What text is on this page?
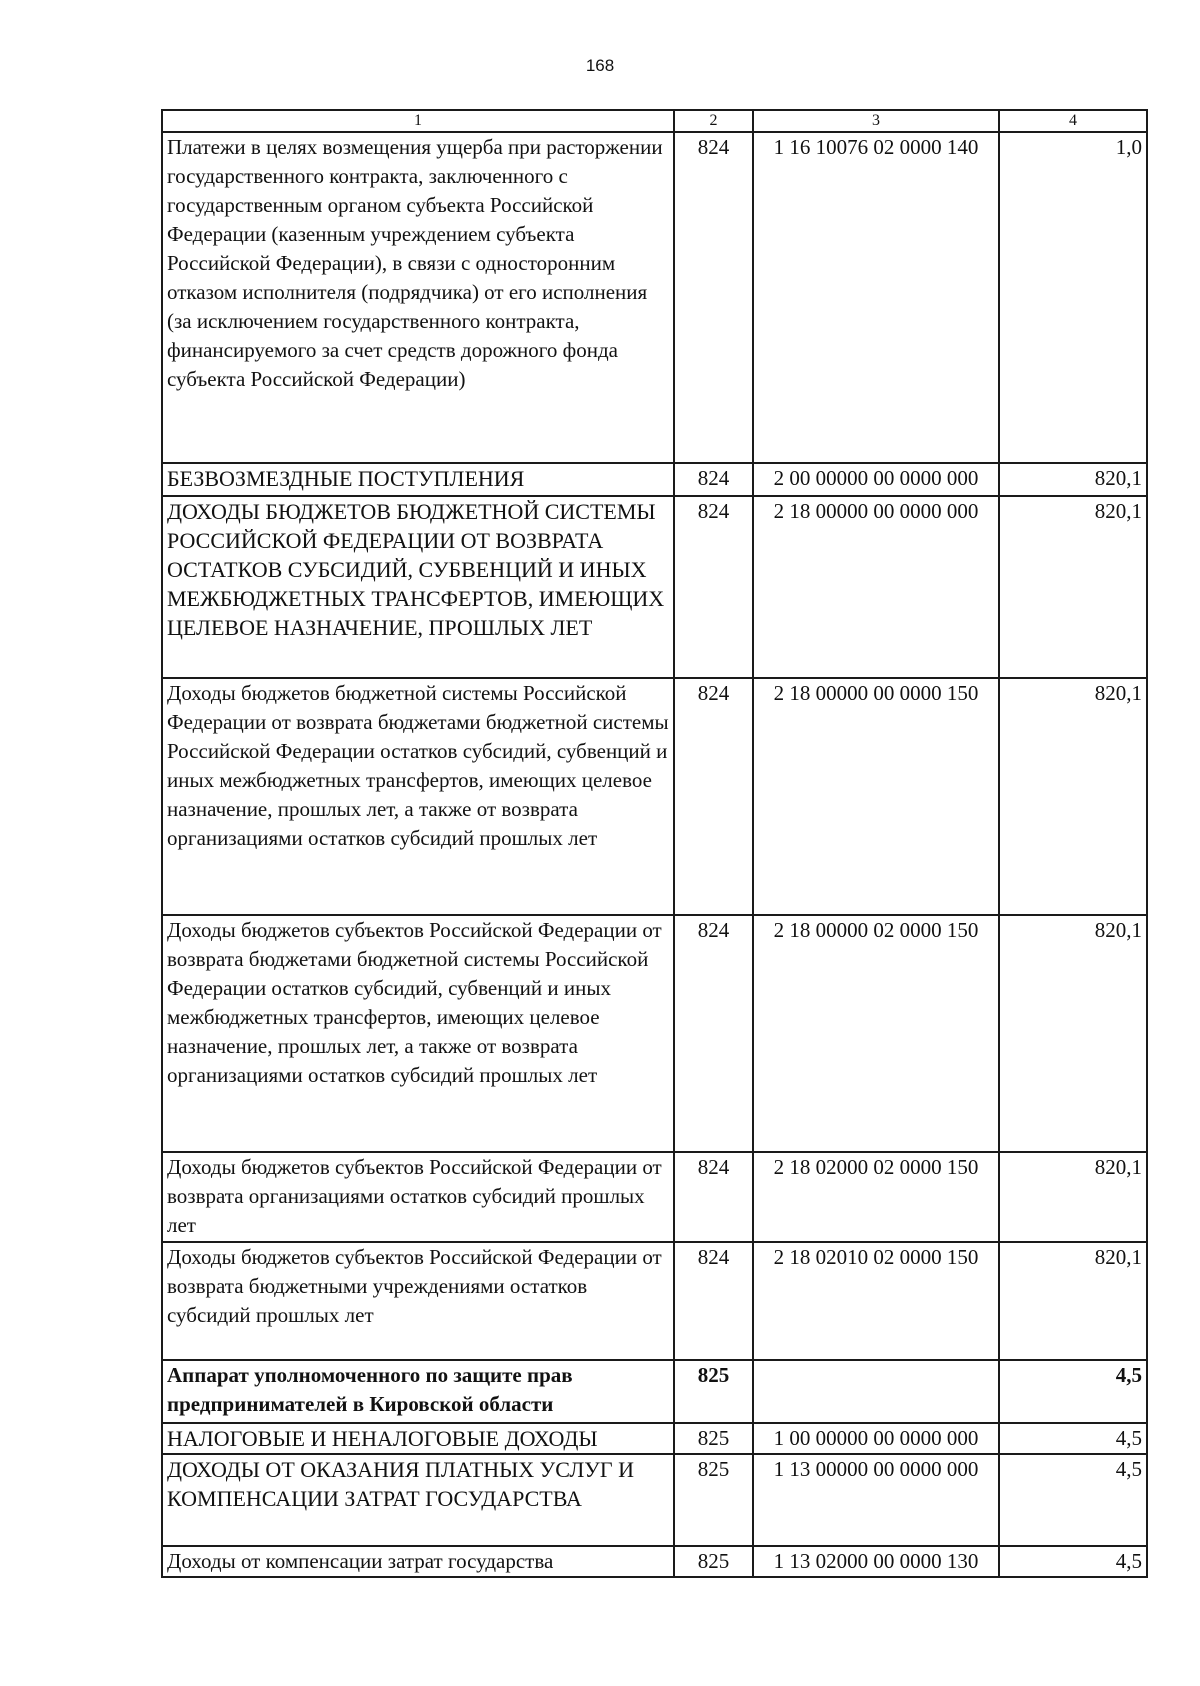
168
1	2	3	4
Платежи в целях возмещения ущерба при расторжении государственного контракта, заключенного с государственным органом субъекта Российской Федерации (казенным учреждением субъекта Российской Федерации), в связи с односторонним отказом исполнителя (подрядчика) от его исполнения (за исключением государственного контракта, финансируемого за счет средств дорожного фонда субъекта Российской Федерации)	824	1 16 10076 02 0000 140	1,0
БЕЗВОЗМЕЗДНЫЕ ПОСТУПЛЕНИЯ	824	2 00 00000 00 0000 000	820,1
ДОХОДЫ БЮДЖЕТОВ БЮДЖЕТНОЙ СИСТЕМЫ РОССИЙСКОЙ ФЕДЕРАЦИИ ОТ ВОЗВРАТА ОСТАТКОВ СУБСИДИЙ, СУБВЕНЦИЙ И ИНЫХ МЕЖБЮДЖЕТНЫХ ТРАНСФЕРТОВ, ИМЕЮЩИХ ЦЕЛЕВОЕ НАЗНАЧЕНИЕ, ПРОШЛЫХ ЛЕТ	824	2 18 00000 00 0000 000	820,1
Доходы бюджетов бюджетной системы Российской Федерации от возврата бюджетами бюджетной системы Российской Федерации остатков субсидий, субвенций и иных межбюджетных трансфертов, имеющих целевое назначение, прошлых лет, а также от возврата организациями остатков субсидий прошлых лет	824	2 18 00000 00 0000 150	820,1
Доходы бюджетов субъектов Российской Федерации от возврата бюджетами бюджетной системы Российской Федерации остатков субсидий, субвенций и иных межбюджетных трансфертов, имеющих целевое назначение, прошлых лет, а также от возврата организациями остатков субсидий прошлых лет	824	2 18 00000 02 0000 150	820,1
Доходы бюджетов субъектов Российской Федерации от возврата организациями остатков субсидий прошлых лет	824	2 18 02000 02 0000 150	820,1
Доходы бюджетов субъектов Российской Федерации от возврата бюджетными учреждениями остатков субсидий прошлых лет	824	2 18 02010 02 0000 150	820,1
Аппарат уполномоченного по защите прав предпринимателей в Кировской области	825		4,5
НАЛОГОВЫЕ И НЕНАЛОГОВЫЕ ДОХОДЫ	825	1 00 00000 00 0000 000	4,5
ДОХОДЫ ОТ ОКАЗАНИЯ ПЛАТНЫХ УСЛУГ И КОМПЕНСАЦИИ ЗАТРАТ ГОСУДАРСТВА	825	1 13 00000 00 0000 000	4,5
Доходы от компенсации затрат государства	825	1 13 02000 00 0000 130	4,5
